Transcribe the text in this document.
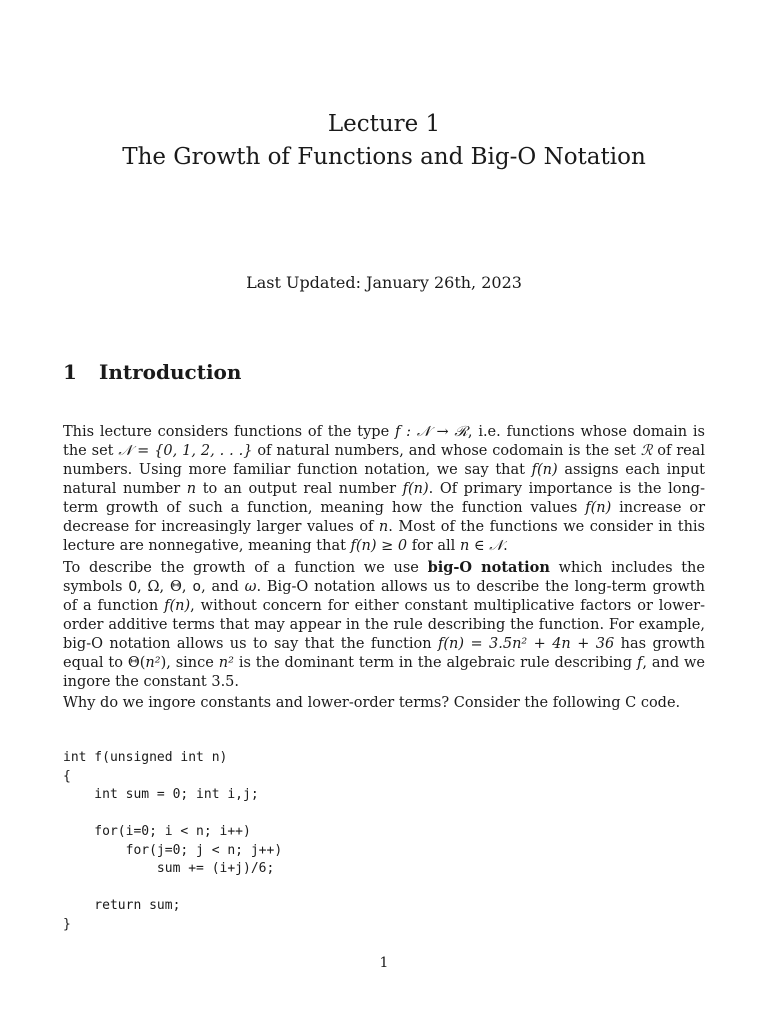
Lecture 1

The Growth of Functions and Big-O Notation

Last Updated: January 26th, 2023
1 Introduction

This lecture considers functions of the type f : 𝒩 → ℛ, i.e. functions whose domain is the set 𝒩 = {0, 1, 2, . . .} of natural numbers, and whose codomain is the set ℛ of real numbers. Using more familiar function notation, we say that f(n) assigns each input natural number n to an output real number f(n). Of primary importance is the long-term growth of such a function, meaning how the function values f(n) increase or decrease for increasingly larger values of n. Most of the functions we consider in this lecture are nonnegative, meaning that f(n) ≥ 0 for all n ∈ 𝒩.

To describe the growth of a function we use big-O notation which includes the symbols O, Ω, Θ, o, and ω. Big-O notation allows us to describe the long-term growth of a function f(n), without concern for either constant multiplicative factors or lower-order additive terms that may appear in the rule describing the function. For example, big-O notation allows us to say that the function f(n) = 3.5n² + 4n + 36 has growth equal to Θ(n²), since n² is the dominant term in the algebraic rule describing f, and we ingore the constant 3.5.

Why do we ingore constants and lower-order terms? Consider the following C code.

int f(unsigned int n)
{
int sum = 0; int i,j;

for(i=0; i < n; i++)
for(j=0; j < n; j++)
sum += (i+j)/6;

return sum;
}
1
